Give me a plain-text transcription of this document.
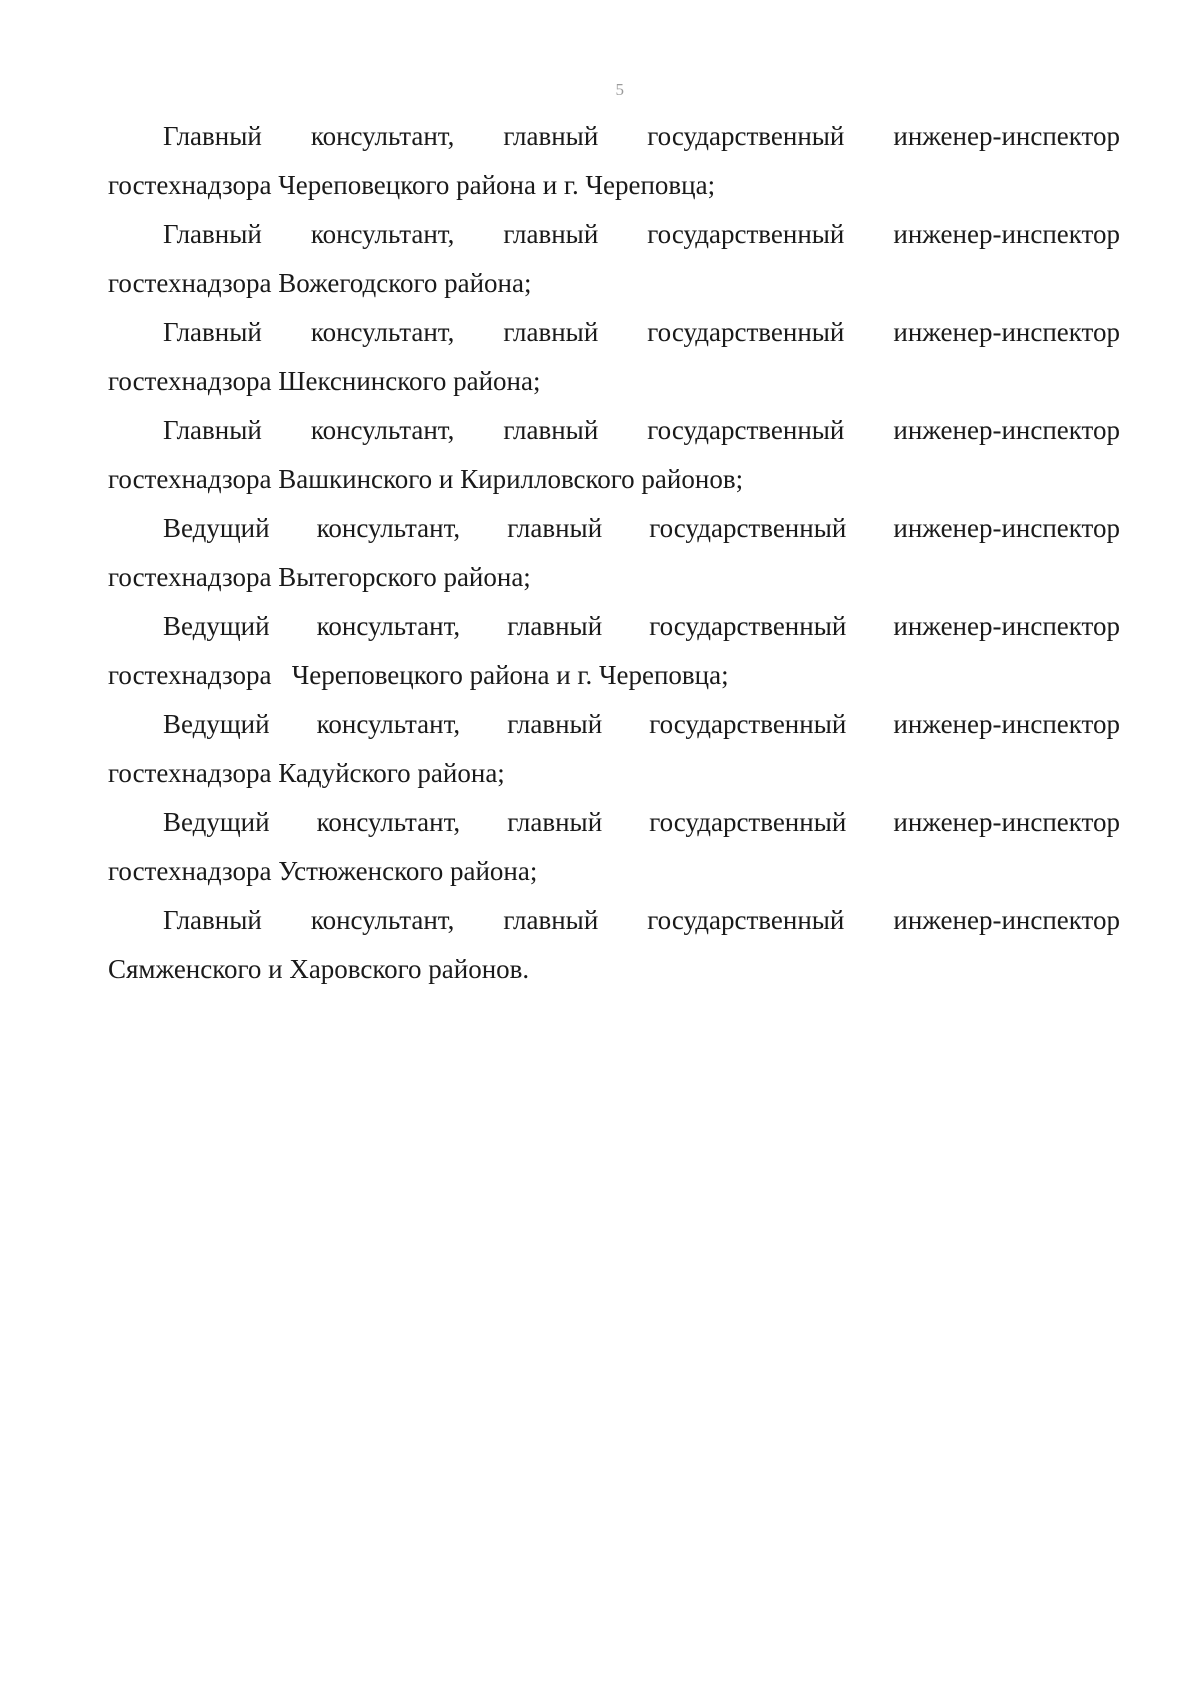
5

Главный консультант, главный государственный инженер-инспектор
гостехнадзора Череповецкого района и г. Череповца;

Главный консультант, главный государственный инженер-инспектор
гостехнадзора Вожегодского района;

Главный консультант, главный государственный инженер-инспектор
гостехнадзора Шекснинского района;

Главный консультант, главный государственный инженер-инспектор
гостехнадзора Вашкинского и Кирилловского районов;

Ведущий консультант, главный государственный инженер-инспектор
гостехнадзора Вытегорского района;

Ведущий консультант, главный государственный инженер-инспектор
гостехнадзора   Череповецкого района и г. Череповца;

Ведущий консультант, главный государственный инженер-инспектор
гостехнадзора Кадуйского района;

Ведущий консультант, главный государственный инженер-инспектор
гостехнадзора Устюженского района;

Главный консультант, главный государственный инженер-инспектор
Сямженского и Харовского районов.
